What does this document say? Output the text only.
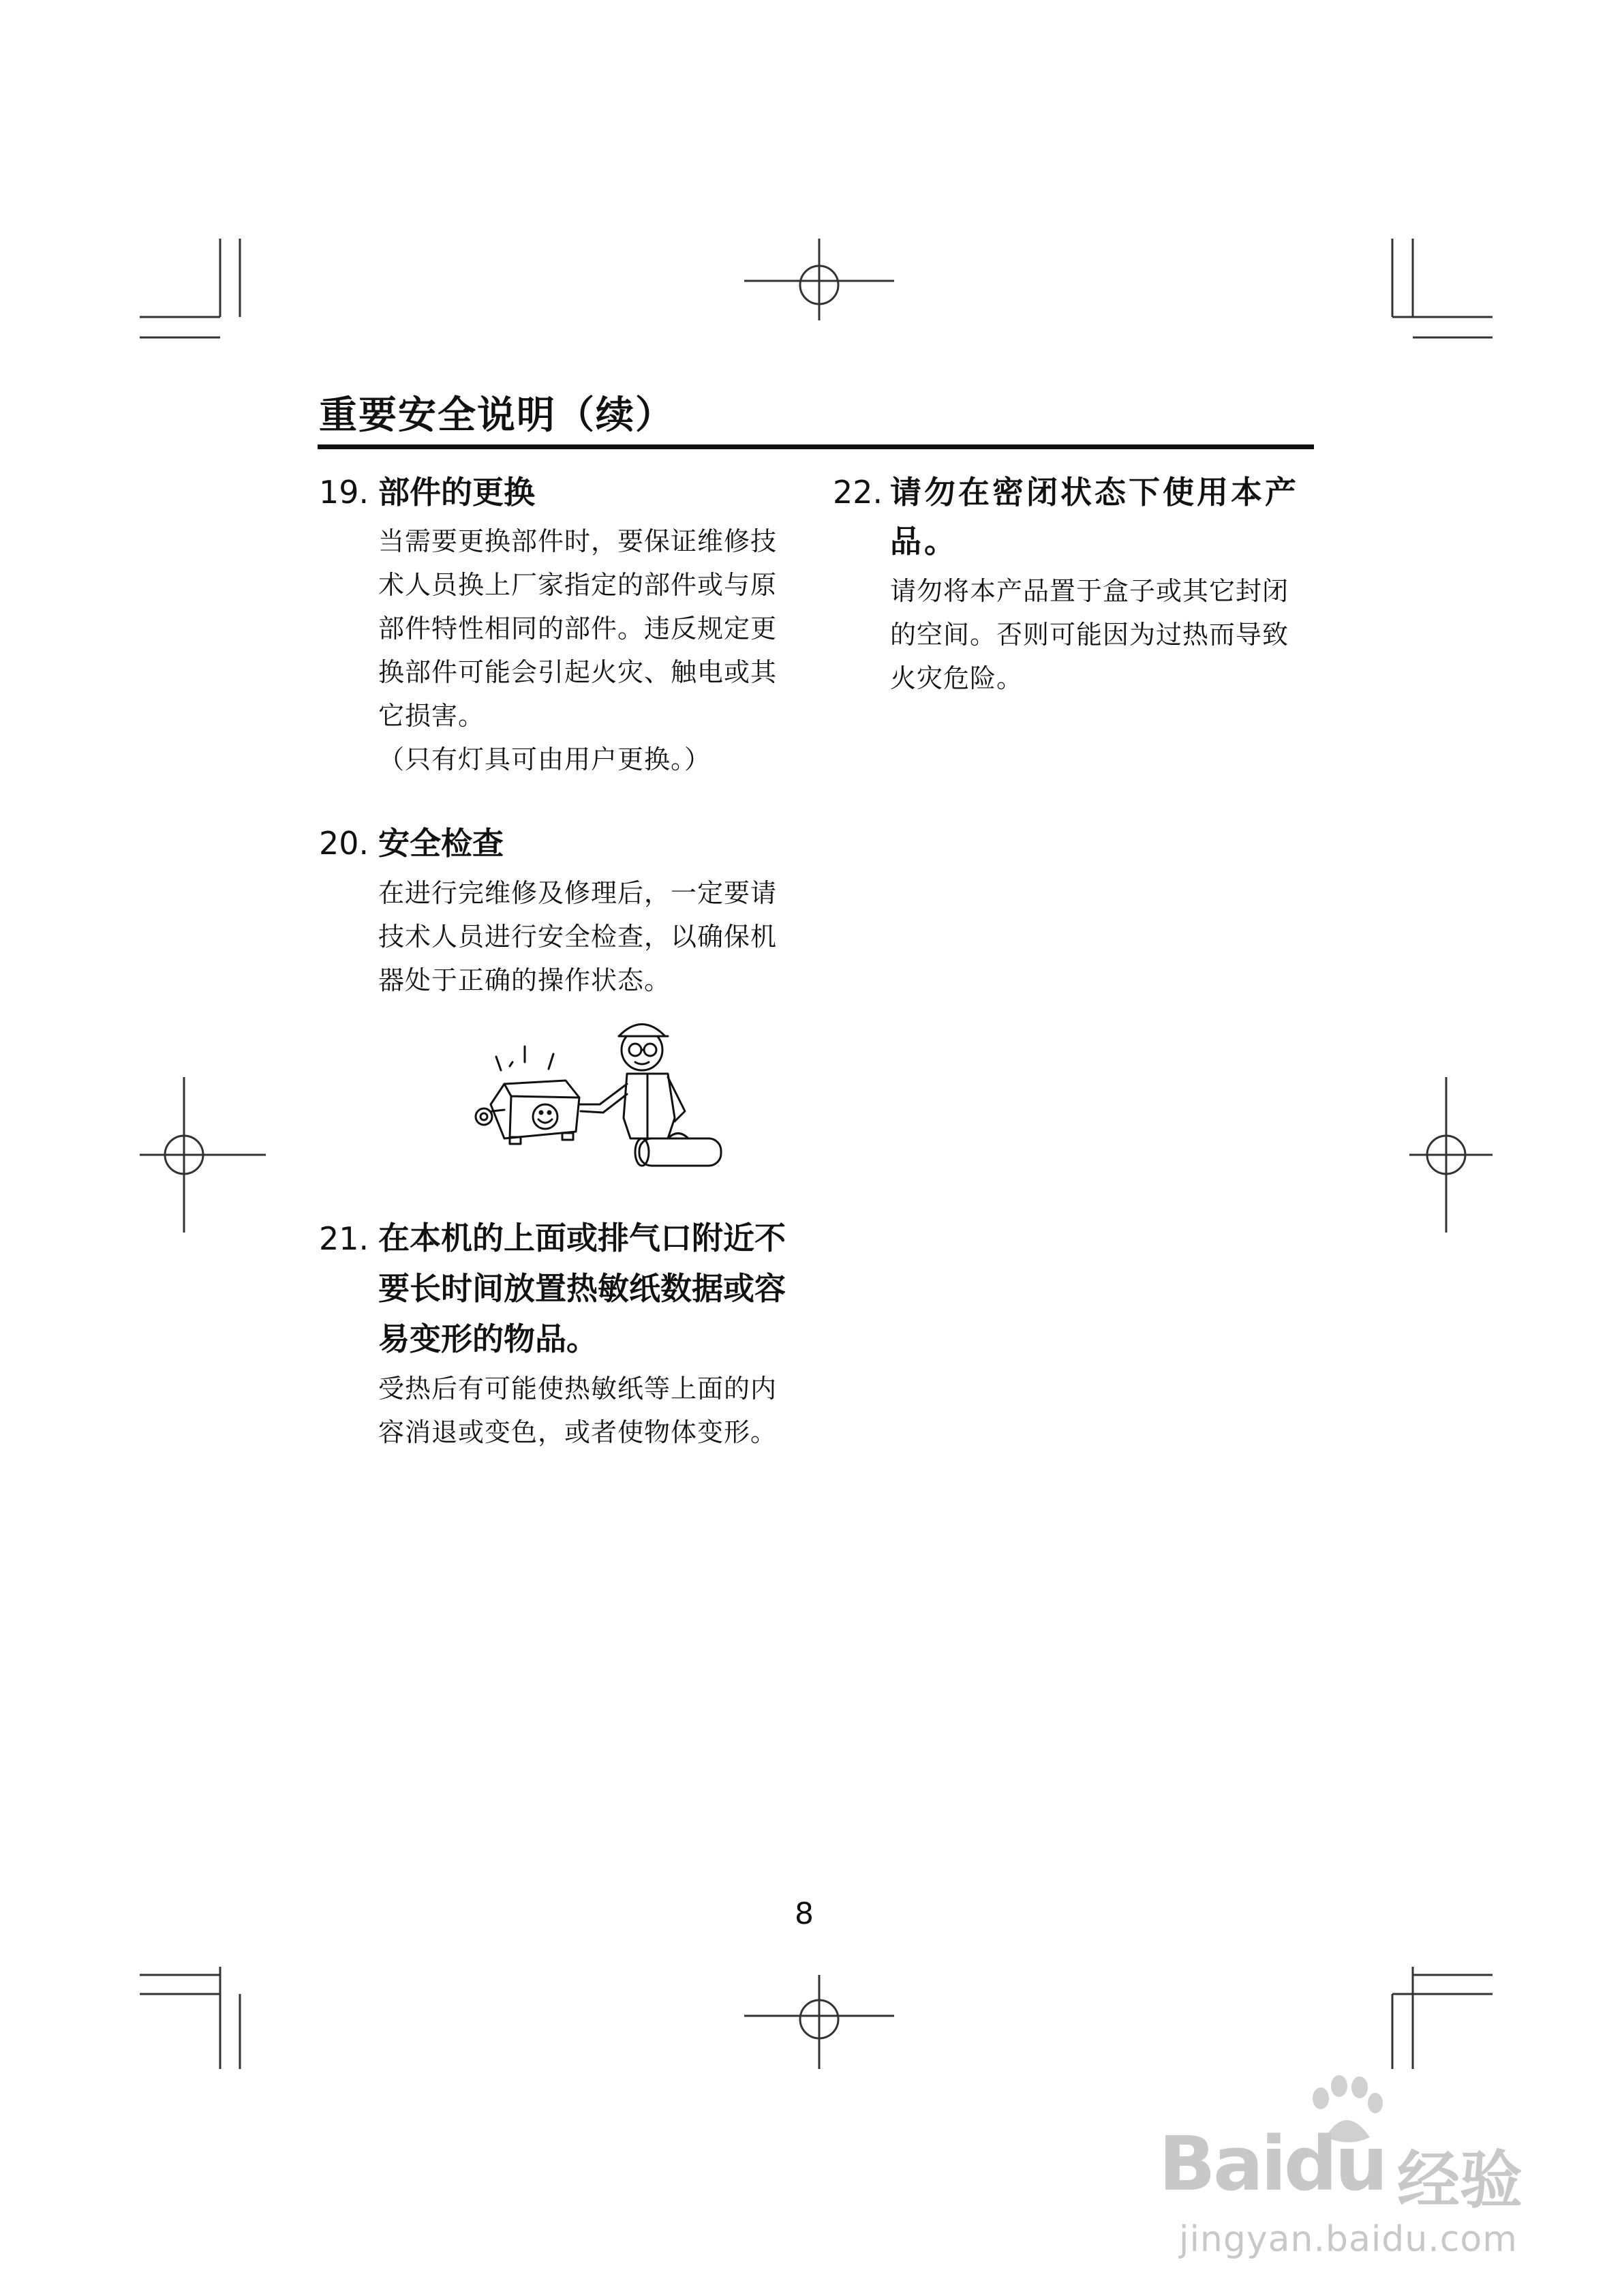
重要安全说明（续）
19. 部件的更换
当需要更换部件时，要保证维修技
术人员换上厂家指定的部件或与原
部件特性相同的部件。违反规定更
换部件可能会引起火灾、触电或其
它损害。
（只有灯具可由用户更换。）
20. 安全检查
在进行完维修及修理后，一定要请
技术人员进行安全检查，以确保机
器处于正确的操作状态。
21. 在本机的上面或排气口附近不
要长时间放置热敏纸数据或容
易变形的物品。
受热后有可能使热敏纸等上面的内
容消退或变色，或者使物体变形。
22. 请勿在密闭状态下使用本产
品。
请勿将本产品置于盒子或其它封闭
的空间。否则可能因为过热而导致
火灾危险。
8
Baidu 经验
jingyan.baidu.com
